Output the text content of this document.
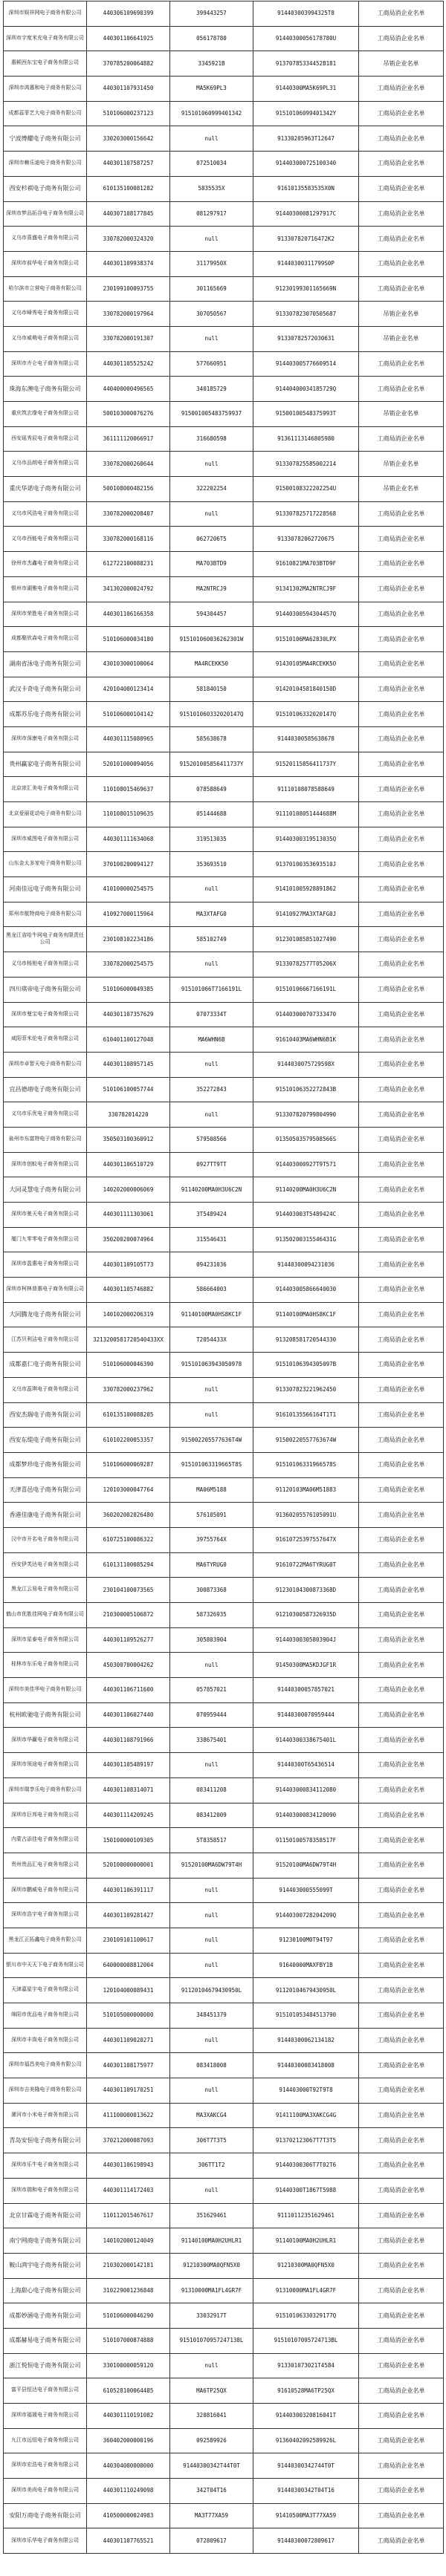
深圳市娱祥网电子商务有限公司	440306109690399	399443257	914403003994325T8	工商局消企业名单
深圳市宇度米充电子商务有限公司	440301106641925	056178780	91440300056178780U	工商局消企业名单
惠顿西东宝电子商务有限公司	370785200064882	3345921B	91370785334452B181	吊销企业名单
深圳市鸿惠和电子商务有限公司	440301107931450	MA5K69PL3	91440300MA5K69PL31	工商局消企业名单
成都蕊菲艺大电子商务有限公司	510106000237123	915101060999401342	91510106099401342Y	工商局消企业名单
宁波博耀电子商务有限公司	330203000156642	null	91330205963T12647	工商局消企业名单
深圳市赖乐迪电子商务有限公司	440301107587257	072510034	914403000725100340	工商局消企业名单
西安杉祺电子商务有限公司	610135100081282	5835535X	91610135583535X0N	工商局消企业名单
深圳市梦品拓谷电子商务有限公司	440307108177845	081297917	91440300081297917C	工商局消企业名单
义乌市喜盛电子商务有限公司	330782000324320	null	913307820716472K2	工商局消企业名单
深圳市前华电子商务有限公司	440301109938374	31179950X	91440300311799S0P	工商局消企业名单
哈尔滨市立营电子商务有限公司	230199100093755	301165669	91230199301165669N	工商局消企业名单
义乌市峰秀电子商务有限公司	330782000197964	307050567	913307823070505687	吊销企业名单
义乌市威萌电子商务有限公司	330782000191307	null	91330782572030631	吊销企业名单
深圳市卉仑电子商务有限公司	440301105525242	577660951	914403005776609514	工商局消企业名单
珠海东澳电子商务有限公司	440400000496565	340185729	91440400034185729Q	工商局消企业名单
重庆筑玄缘电子商务有限公司	500103000076276	915001005483759937	91500100548375993T	吊销企业名单
西安瑶秀辰电子商务有限公司	361111120066917	316680598	91361113146805980	工商局消企业名单
义乌市品朗电子商务有限公司	330782000260644	null	913307825585002214	吊销企业名单
重庆华诺电子商务有限公司	500108000482156	322202254	91500108322202254U	吊销企业名单
义乌市风浩电子商务有限公司	330782000208407	null	913307825717228568	工商局消企业名单
义乌市西能电子商务有限公司	330782000168116	0627206T5	91330782062720675	工商局消企业名单
徐州市杰鑫电子商务有限公司	612722100088231	MA703BTD9	91610821MA703BTD9F	工商局消企业名单
银州市湖雅电子商务有限公司	341302000024792	MA2NTRCJ9	91341302MA2NTRCJ9F	工商局消企业名单
深圳市荣胜电子商务有限公司	440301106166358	594304457	91440300594304457Q	工商局消企业名单
成都聚欣森电子商务有限公司	510106000034180	915101060036262301W	91510106MA62830LPX	工商局消企业名单
湖南省泳电子商务有限公司	430103000100064	MA4RCEKK50	91430105MA4RCEKK5O	工商局消企业名单
武汉卡奇电子商务有限公司	420104000123414	581840150	91420104581840150D	工商局消企业名单
成都苏乐电子商务有限公司	510106000104142	915101060332020147Q	91510106332020147Q	工商局消企业名单
深圳市深康电子商务有限公司	440301115080965	585638678	91440300585638678	工商局消企业名单
贵州赢家电子商务有限公司	520101000094056	915201005856411737Y	91520115856411737Y	工商局消企业名单
北京浓汇美电子商务有限公司	110108015469637	078588649	91110108078588649	工商局消企业名单
北京爱丽花动电子商务有限公司	110108015109635	051444688	91110108051444688M	工商局消企业名单
深圳市威图电子商务有限公司	440301111634068	319513035	91440300319513035Q	工商局消企业名单
山东金太多家电子商务有限公司	370100200094127	353693510	91370100353693510J	工商局消企业名单
河南佳远电子商务有限公司	410100000254575	null	914101005928891862	工商局消企业名单
郑州市航特商电子商务有限公司	410927000115964	MA3XTAFG0	91410927MA3XTAFG0J	工商局消企业名单
黑龙江省哈牛网电子商务有限责任公司	230108102234186	585102749	912301085851027490	工商局消企业名单
义乌市杨旭电子商务有限公司	330782000254575	null	91330782577T05206X	工商局消企业名单
四川琪帝电子商务有限公司	510106000049385	915101066T7166191L	91510106667166191L	工商局消企业名单
深圳市曼宝电子商务有限公司	440301107357629	07073334T	914403000707333470	工商局消企业名单
咸阳菲米伦电子商务有限公司	610401100127048	MA6WHN6B	91610403MA6WHN6B1K	工商局消企业名单
深圳市卓智天电子商务有限公司	440301108957145	null	9144030075729598X	工商局消企业名单
宜昌德靖电子商务有限公司	510106100057744	352272843	91510106352272843B	工商局消企业名单
义乌市乐优电子商务有限公司	330782014220	null	913307820799804990	工商局消企业名单
泉州市东富特电子商务有限公司	350503100360912	579508566	91350503579508566S	工商局消企业名单
深圳市创蚁电子商务有限公司	440301106510729	0927TT9TT	914403000927T9T571	工商局消企业名单
大同灵慧电子商务有限公司	140202000006069	91140200MA0H3U6C2N	91140200MA0H3U6C2N	工商局消企业名单
深圳市驰天电子商务有限公司	440301111303061	3T5489424	914403003T5489424C	工商局消企业名单
厦门九零零电子商务有限公司	350200200074964	315546431	91350200315546431G	工商局消企业名单
深圳市盈惠电子商务有限公司	440301109105T73	094231036	91440300094231036	工商局消企业名单
深圳市柯林普惠电子商务有限公司	440301105746882	586664003	914403005866640030	工商局消企业名单
大同腾龙电子商务有限公司	140102000206319	91140100MA0HS8KC1F	91140100MA0HS8KC1F	工商局消企业名单
江苏贝利洁电子商务有限公司	3213200581720540433XX	T2054433X	913208581720544330	工商局消企业名单
成都嘉仁电子商务有限公司	510106000046390	915101063943050978	91510106394305097B	工商局消企业名单
义乌市蕊琪电子商务有限公司	330782000237962	null	913307823221962450	工商局消企业名单
西安杰瑞电子商务有限公司	610135100088205	null	91610135566164T1T1	工商局消企业名单
西安东缇电子商务有限公司	610102200053357	915002205577636T4W	91500220557763674W	工商局消企业名单
成都梦珍电子商务有限公司	510106000069287	915101063319665T8S	91510106331966578S	工商局消企业名单
天津喜邑电子商务有限公司	120103000047764	MA06M5188	91120103MA06M51883	工商局消企业名单
香港佳康电子商务有限公司	360202002026480	576105091	91360205576105091U	工商局消企业名单
汉中市开名电子商务有限公司	610725100086322	39755764X	91610725397557647X	工商局消企业名单
西安伊芙达电子商务有限公司	610131100085294	MA6TYRUG0	91610722MA6TYRUG0T	工商局消企业名单
黑龙江云易电子商务有限公司	230104100073565	300873368	91230104300873368D	工商局消企业名单
鹤山市优胜佳网电子商务有限公司	210300005106872	587326935	91210300587326935D	工商局消企业名单
深圳市星泰电子商务有限公司	440301109526277	305803904	91440300305803904J	工商局消企业名单
桂林市东乐电子商务有限公司	450300700004262	null	91450300MA5KDJGF1R	工商局消企业名单
深圳市美佳华电子商务有限公司	440301106711600	057857021	91440300057857021	工商局消企业名单
杭州欧驰电子商务有限公司	440301106027440	070959444	91440300070959444	工商局消企业名单
深圳市华赢电子商务有限公司	440301108791966	338675401	91440300338675401L	工商局消企业名单
深圳市领途电子商务有限公司	440301105489197	null	91440300T65436514	工商局消企业名单
深圳市瑞享乐电子商务有限公司	440301108314071	083411208	914403000834112080	工商局消企业名单
深圳市巨邦电子商务有限公司	440301114209245	083412009	914403000834120090	工商局消企业名单
内蒙古添佳电子商务有限公司	150100000109305	5T8358517	91150100578358517F	工商局消企业名单
贵州贵品汇电子商务有限公司	520100000000001	91520100MA6DW79T4H	91520100MA6DW79T4H	工商局消企业名单
深圳市鹏威电子商务有限公司	440301106391117	null	914403000555099T	工商局消企业名单
深圳市浩宇电子商务有限公司	440301109281427	null	91440300728204209Q	工商局消企业名单
黑龙江正拓鑫电子商务有限公司	230109101100617	null	91230100M0T94T97	工商局消企业名单
银川市中天天下电子商务有限公司	640000008812004	null	91640000MAXFBY1B	工商局消企业名单
天津嘉星宇电子商务有限公司	120104000089431	91120104679430950L	91120104679430950L	工商局消企业名单
绵阳市优品电子商务有限公司	510105000000000	348451379	915101053484513790	工商局消企业名单
深圳市丰岚电子商务有限公司	440301109020271	null	91440300062134182	工商局消企业名单
深圳市福昌美电子商务有限公司	440301108175977	083418008	91440300083418008	工商局消企业名单
深圳市吉美隆电子商务有限公司	440301109170251	null	914403000T92T9T8	工商局消企业名单
漯河市小米电子商务有限公司	411100000013622	MA3XAKCG4	91411100MA3XAKCG4G	工商局消企业名单
青岛安恒电子商务有限公司	370212000087093	306T7T3T5	913702123067T7T3T5	工商局消企业名单
深圳市乐牛电子商务有限公司	440301106198943	306TT1T2	91440300306T7T02T6	工商局消企业名单
深圳市瑞和电子商务有限公司	440301114172403	null	91440300T1867T5988	工商局消企业名单
北京甘霖电子商务有限公司	110112015467617	351629461	91110112351629461	工商局消企业名单
南宁网商电子商务有限公司	140102000124049	91140100MA0H2UHLR1	91140100MA0H2UHLR1	工商局消企业名单
鞍山鸿宇电子商务有限公司	210302000142181	91210300MA0QFN5X0	91210300MA0QFN5X0	工商局消企业名单
上海甜心电子商务有限公司	310229001236848	91310000MA1FL4GR7F	91310000MA1FL4GR7F	工商局消企业名单
成都妙涵电子商务有限公司	510106000046290	33032917T	91510106330329177Q	工商局消企业名单
成都赫易电子商务有限公司	510107000874888	915101070957247138L	91510107095724713BL	工商局消企业名单
浙江悦恒电子商务有限公司	330100000059120	null	913301073021T4584	工商局消企业名单
富平县恒达电子商务有限公司	610528100064485	MA6TP25QX	91610528MA6TP25QX	工商局消企业名单
深圳市福晟电子商务有限公司	440301110191082	320816041	91440300320816041T	工商局消企业名单
九江市远恒电子商务有限公司	360402000000196	092589926	91360402092589926L	工商局消企业名单
深圳市宏浩电子商务有限公司	440304000000000	91440300342T44T0T	91440300342744T0T	工商局消企业名单
深圳市美尚电子商务有限公司	440301110249098	342T04T16	91440300342T04T16	工商局消企业名单
安阳万商电子商务有限公司	410500000024983	MA3T77XA59	91410500MA3T77XA59	工商局消企业名单
深圳市乐华电子商务有限公司	440301107765521	072809617	91440300072809617	工商局消企业名单
